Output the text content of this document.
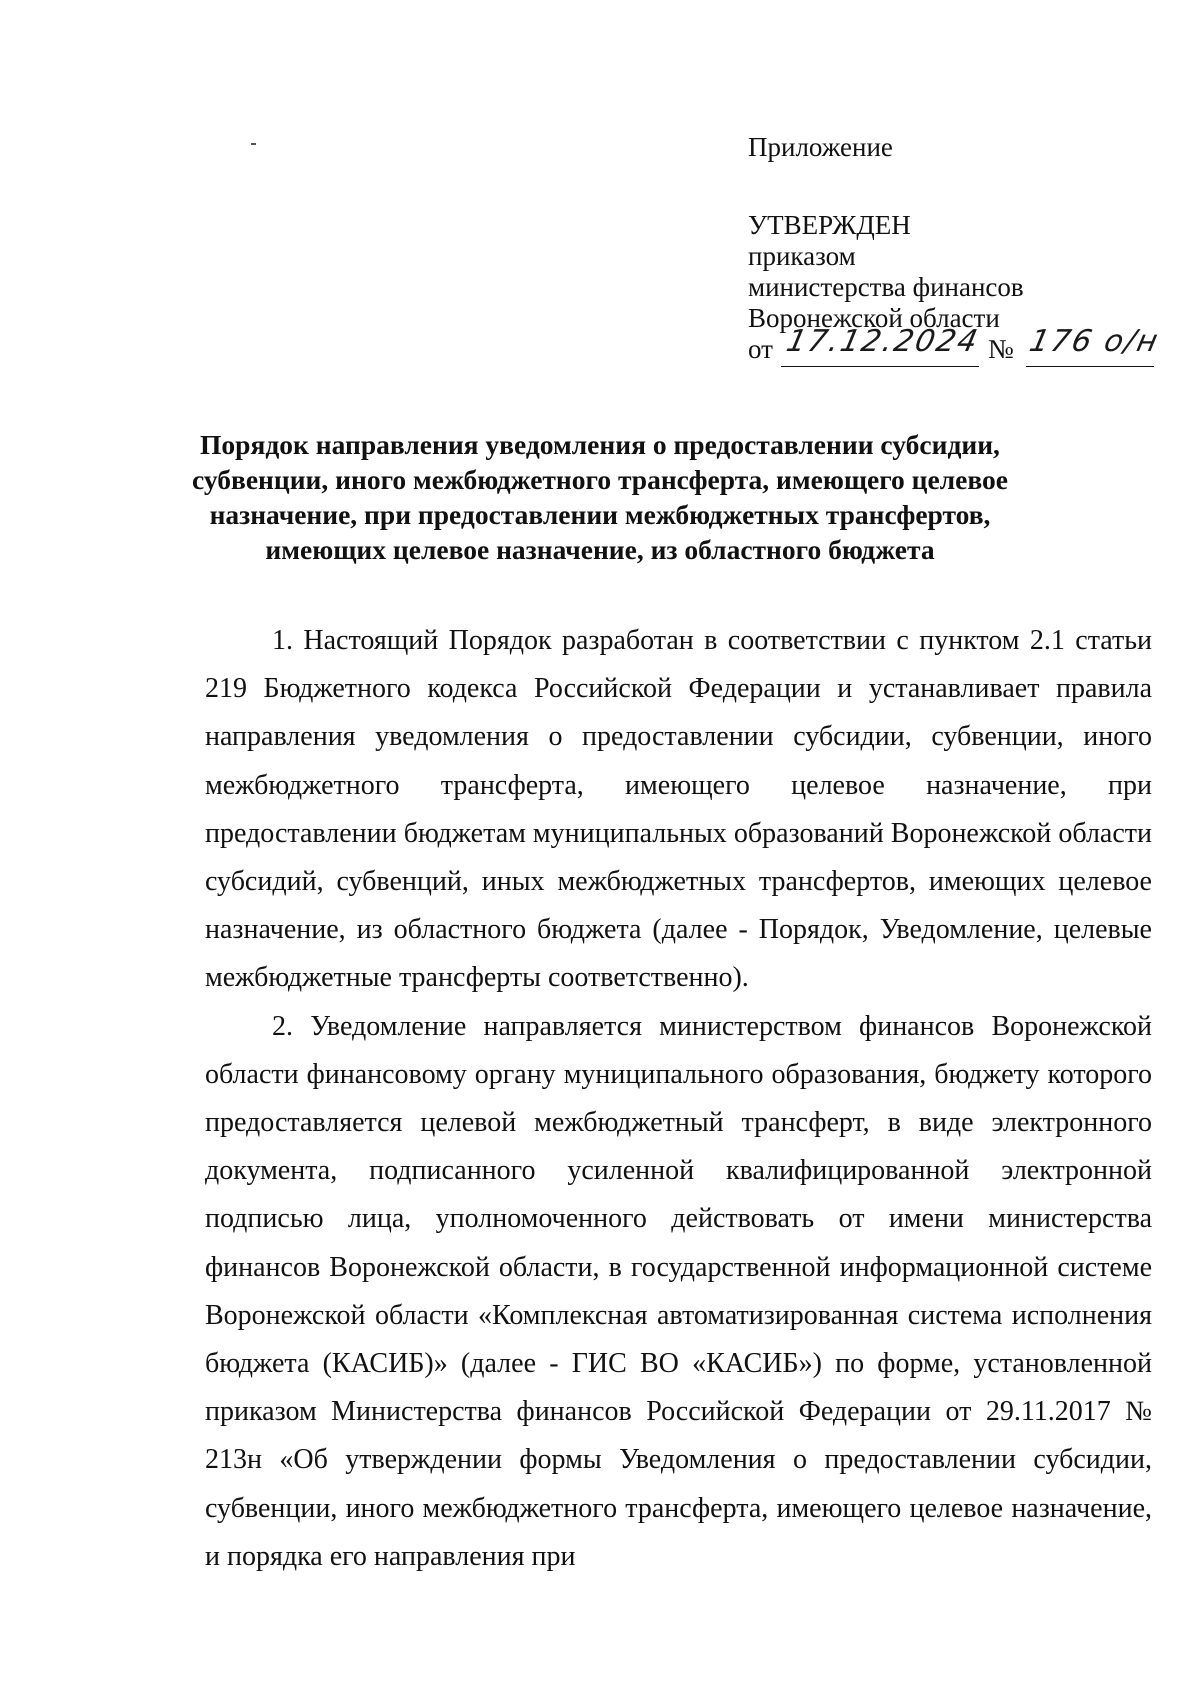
Приложение
УТВЕРЖДЕН
приказом
министерства финансов
Воронежской области
от 17.12.2024 № 176 о/н
Порядок направления уведомления о предоставлении субсидии,
субвенции, иного межбюджетного трансферта, имеющего целевое
назначение, при предоставлении межбюджетных трансфертов,
имеющих целевое назначение, из областного бюджета

1. Настоящий Порядок разработан в соответствии с пунктом 2.1 статьи 219 Бюджетного кодекса Российской Федерации и устанавливает правила направления уведомления о предоставлении субсидии, субвенции, иного межбюджетного трансферта, имеющего целевое назначение, при предоставлении бюджетам муниципальных образований Воронежской области субсидий, субвенций, иных межбюджетных трансфертов, имеющих целевое назначение, из областного бюджета (далее - Порядок, Уведомление, целевые межбюджетные трансферты соответственно).

2. Уведомление направляется министерством финансов Воронежской области финансовому органу муниципального образования, бюджету которого предоставляется целевой межбюджетный трансферт, в виде электронного документа, подписанного усиленной квалифицированной электронной подписью лица, уполномоченного действовать от имени министерства финансов Воронежской области, в государственной информационной системе Воронежской области «Комплексная автоматизированная система исполнения бюджета (КАСИБ)» (далее - ГИС ВО «КАСИБ») по форме, установленной приказом Министерства финансов Российской Федерации от 29.11.2017 № 213н «Об утверждении формы Уведомления о предоставлении субсидии, субвенции, иного межбюджетного трансферта, имеющего целевое назначение, и порядка его направления при
